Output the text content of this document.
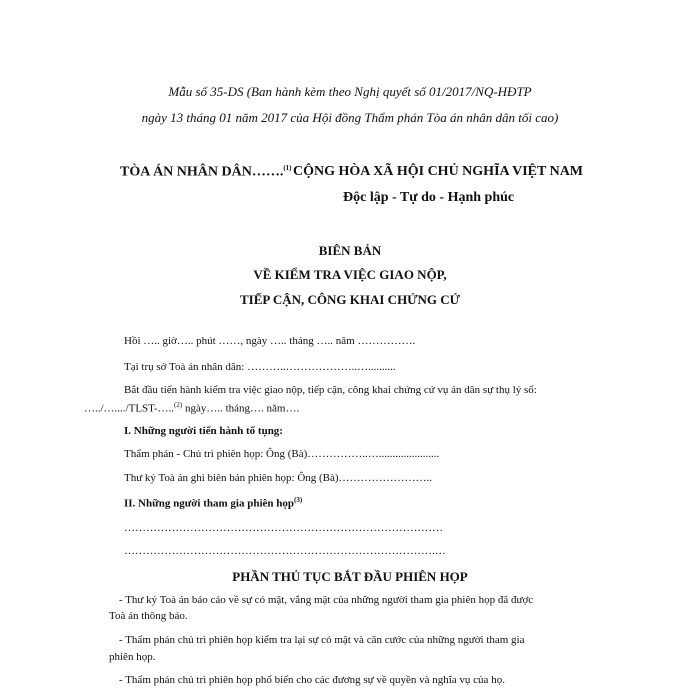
Mẫu số 35-DS (Ban hành kèm theo Nghị quyết số 01/2017/NQ-HĐTP
ngày 13 tháng 01 năm 2017 của Hội đồng Thẩm phán Tòa án nhân dân tối cao)
TÒA ÁN NHÂN DÂN…….$^{(1)}$ CỘNG HÒA XÃ HỘI CHỦ NGHĨA VIỆT NAM
Độc lập - Tự do - Hạnh phúc
BIÊN BẢN
VỀ KIỂM TRA VIỆC GIAO NỘP,
TIẾP CẬN, CÔNG KHAI CHỨNG CỨ
Hồi ….. giờ….. phút ……, ngày ….. tháng ….. năm …………….
Tại trụ sở Toà án nhân dân: ………..………………..…..........
Bắt đầu tiến hành kiểm tra việc giao nộp, tiếp cận, công khai chứng cứ vụ án dân sự thụ lý số:
…../…..../TLST-…..$^{(2)}$ ngày….. tháng…. năm….
I. Những người tiến hành tố tụng:
Thẩm phán - Chủ trì phiên họp: Ông (Bà)……………..…......................
Thư ký Toà án ghi biên bản phiên họp: Ông (Bà)……………………..
II. Những người tham gia phiên họp$^{(3)}$
……………………………………………………………………………
………………………………………………………………………….…
PHẦN THỦ TỤC BẮT ĐẦU PHIÊN HỌP
- Thư ký Toà án báo cáo về sự có mặt, vắng mặt của những người tham gia phiên họp đã được
Toà án thông báo.
- Thẩm phán chủ trì phiên họp kiểm tra lại sự có mặt và căn cước của những người tham gia
phiên họp.
- Thẩm phán chủ trì phiên họp phổ biến cho các đương sự về quyền và nghĩa vụ của họ.
